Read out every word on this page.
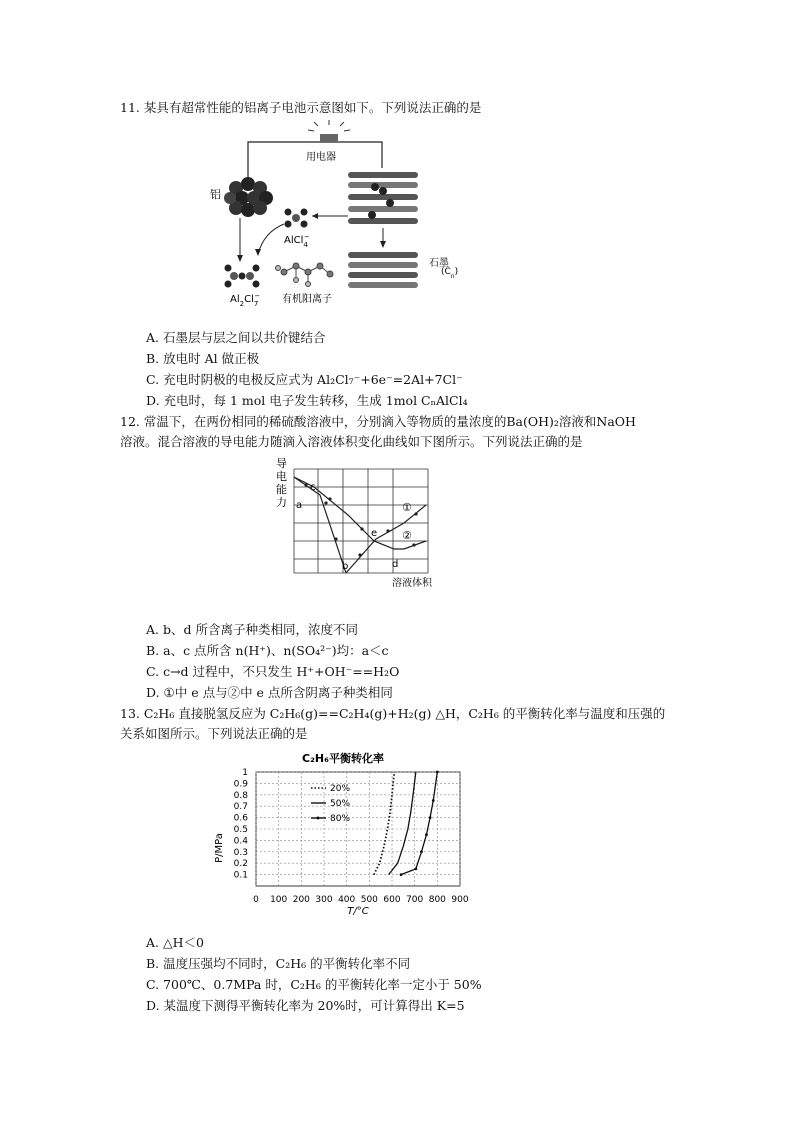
11. 某具有超常性能的铝离子电池示意图如下。下列说法正确的是
用电器
铝
AlCl$_4$−
$Al_2Cl_7^-$ 有机阳离子
石墨
$(C_n)$
A. 石墨层与层之间以共价键结合
B. 放电时 Al 做正极
C. 充电时阴极的电极反应式为 Al₂Cl₇⁻+6e⁻=2Al+7Cl⁻
D. 充电时，每 1 mol 电子发生转移，生成 1mol CₙAlCl₄
12. 常温下，在两份相同的稀硫酸溶液中，分别滴入等物质的量浓度的Ba(OH)₂溶液和NaOH
溶液。混合溶液的导电能力随滴入溶液体积变化曲线如下图所示。下列说法正确的是
导
电
能
力
c
a
b
e
d
①
②
溶液体积
A. b、d 所含离子种类相同，浓度不同
B. a、c 点所含 n(H⁺)、n(SO₄²⁻)均：a＜c
C. c→d 过程中，不只发生 H⁺+OH⁻==H₂O
D. ①中 e 点与②中 e 点所含阴离子种类相同
13. C₂H₆ 直接脱氢反应为 C₂H₆(g)==C₂H₄(g)+H₂(g) △H，C₂H₆ 的平衡转化率与温度和压强的
关系如图所示。下列说法正确的是
C₂H₆平衡转化率
0.1
0.2
0.3
0.4
0.5
0.6
0.7
0.8
0.9
1
0 100 200 300 400 500 600 700 800 900
20%
50%
80%
P/MPa
T/°C
A. △H＜0
B. 温度压强均不同时，C₂H₆ 的平衡转化率不同
C. 700℃、0.7MPa 时，C₂H₆ 的平衡转化率一定小于 50%
D. 某温度下测得平衡转化率为 20%时，可计算得出 K=5
